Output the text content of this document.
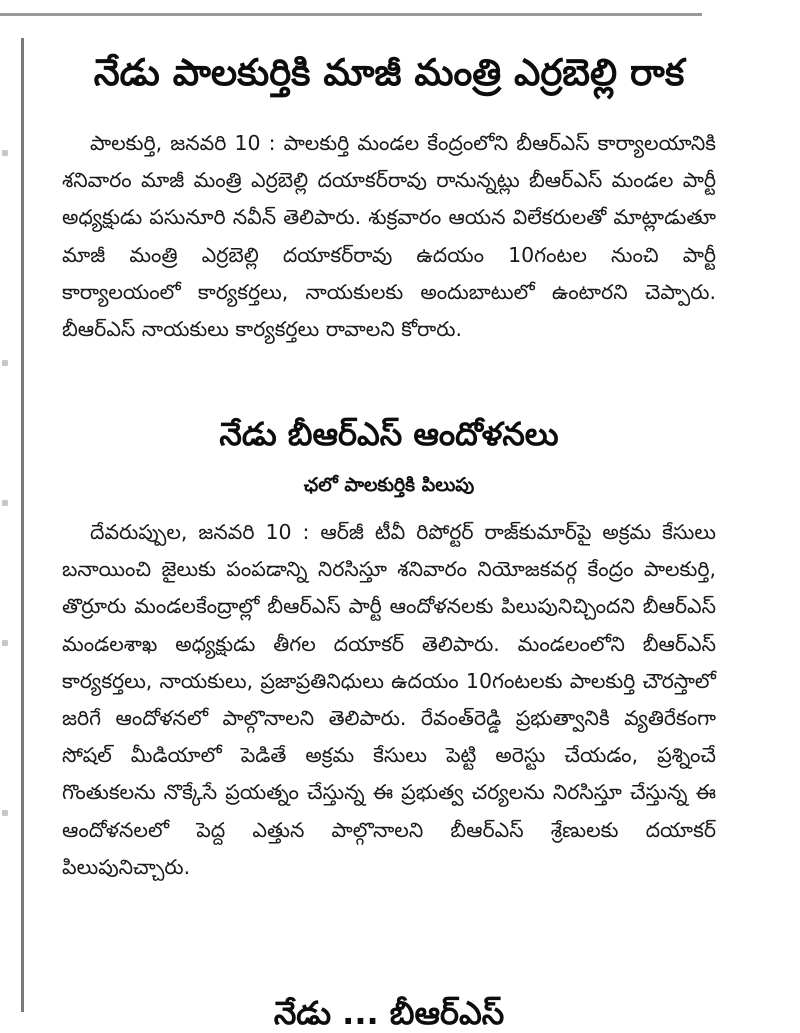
నేడు పాలకుర్తికి మాజీ మంత్రి ఎర్రబెల్లి రాక

పాలకుర్తి, జనవరి 10 : పాలకుర్తి మండల కేంద్రంలోని బీఆర్‌ఎస్‌ కార్యాలయానికి శనివారం మాజీ మంత్రి ఎర్రబెల్లి దయాకర్‌రావు రానున్నట్లు బీఆర్‌ఎస్‌ మండల పార్టీ అధ్యక్షుడు పసునూరి నవీన్‌ తెలిపారు. శుక్రవారం ఆయన విలేకరులతో మాట్లాడుతూ మాజీ మంత్రి ఎర్రబెల్లి దయాకర్‌రావు ఉదయం 10గంటల నుంచి పార్టీ కార్యాలయంలో కార్యకర్తలు, నాయకులకు అందుబాటులో ఉంటారని చెప్పారు. బీఆర్‌ఎస్‌ నాయకులు కార్యకర్తలు రావాలని కోరారు.

నేడు బీఆర్‌ఎస్‌ ఆందోళనలు

ఛలో పాలకుర్తికి పిలుపు

దేవరుప్పుల, జనవరి 10 : ఆర్‌జీ టీవీ రిపోర్టర్‌ రాజ్‌కుమార్‌పై అక్రమ కేసులు బనాయించి జైలుకు పంపడాన్ని నిరసిస్తూ శనివారం నియోజకవర్గ కేంద్రం పాలకుర్తి, తొర్రూరు మండలకేంద్రాల్లో బీఆర్‌ఎస్‌ పార్టీ ఆందోళనలకు పిలుపునిచ్చిందని బీఆర్‌ఎస్‌ మండలశాఖ అధ్యక్షుడు తీగల దయాకర్‌ తెలిపారు. మండలంలోని బీఆర్‌ఎస్‌ కార్యకర్తలు, నాయకులు, ప్రజాప్రతినిధులు ఉదయం 10గంటలకు పాలకుర్తి చౌరస్తాలో జరిగే ఆందోళనలో పాల్గొనాలని తెలిపారు. రేవంత్‌రెడ్డి ప్రభుత్వానికి వ్యతిరేకంగా సోషల్‌ మీడియాలో పెడితే అక్రమ కేసులు పెట్టి అరెస్టు చేయడం, ప్రశ్నించే గొంతుకలను నొక్కేసే ప్రయత్నం చేస్తున్న ఈ ప్రభుత్వ చర్యలను నిరసిస్తూ చేస్తున్న ఈ ఆందోళనలలో పెద్ద ఎత్తున పాల్గొనాలని బీఆర్‌ఎస్‌ శ్రేణులకు దయాకర్‌ పిలుపునిచ్చారు.

నేడు ... బీఆర్‌ఎస్‌
